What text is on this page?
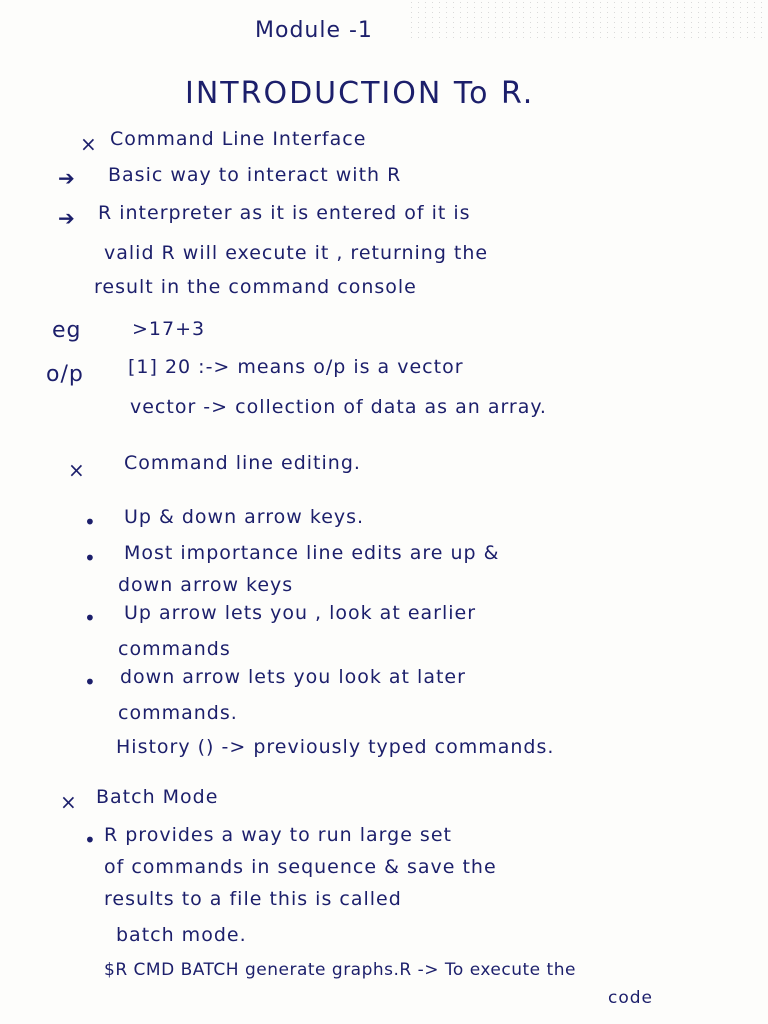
Module -1
INTRODUCTION To R.
× Command Line Interface
➔ Basic way to interact with R
➔ R interpreter as it is entered of it is
valid R will execute it , returning the
result in the command console
eg	>17+3
o/p [1] 20 :-> means o/p is a vector
vector -> collection of data as an array.
× Command line editing.
• Up & down arrow keys.
• Most importance line edits are up &
down arrow keys
• Up arrow lets you , look at earlier
commands
• down arrow lets you look at later
commands.
History () -> previously typed commands.
× Batch Mode
• R provides a way to run large set
of commands in sequence & save the
results to a file this is called
batch mode.
$R CMD BATCH generate graphs.R -> To execute the
code
